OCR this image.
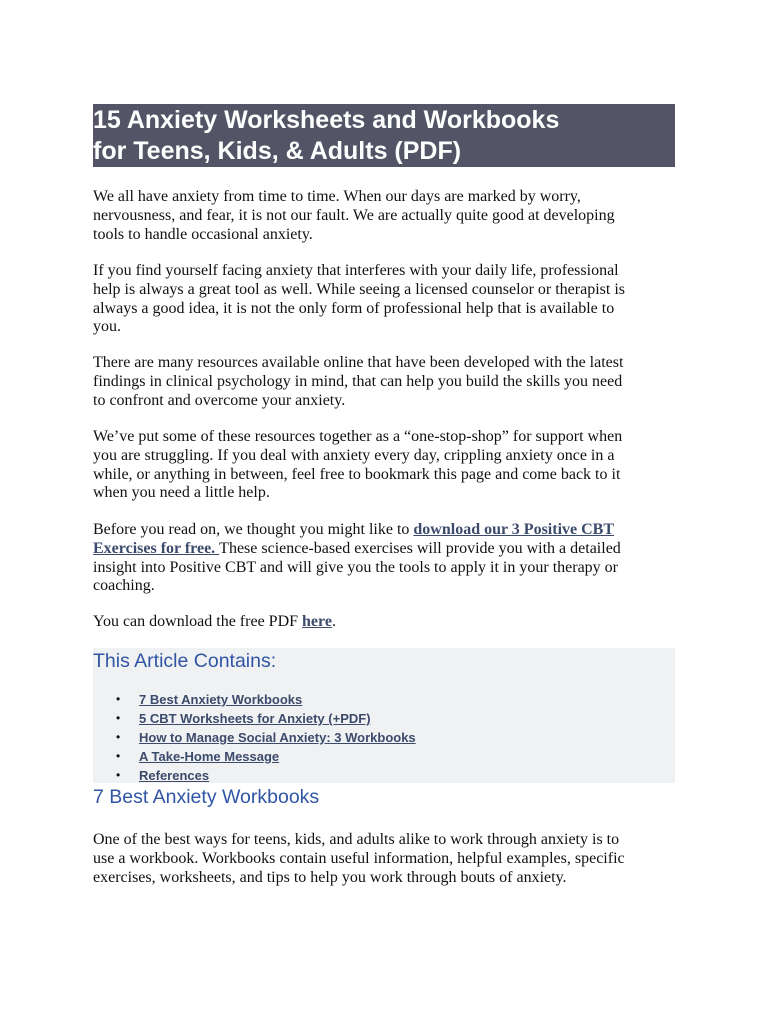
15 Anxiety Worksheets and Workbooks
for Teens, Kids, & Adults (PDF)

We all have anxiety from time to time. When our days are marked by worry,
nervousness, and fear, it is not our fault. We are actually quite good at developing
tools to handle occasional anxiety.

If you find yourself facing anxiety that interferes with your daily life, professional
help is always a great tool as well. While seeing a licensed counselor or therapist is
always a good idea, it is not the only form of professional help that is available to
you.

There are many resources available online that have been developed with the latest
findings in clinical psychology in mind, that can help you build the skills you need
to confront and overcome your anxiety.

We’ve put some of these resources together as a “one-stop-shop” for support when
you are struggling. If you deal with anxiety every day, crippling anxiety once in a
while, or anything in between, feel free to bookmark this page and come back to it
when you need a little help.

Before you read on, we thought you might like to download our 3 Positive CBT
Exercises for free. These science-based exercises will provide you with a detailed
insight into Positive CBT and will give you the tools to apply it in your therapy or
coaching.

You can download the free PDF here.

This Article Contains:
• 7 Best Anxiety Workbooks
• 5 CBT Worksheets for Anxiety (+PDF)
• How to Manage Social Anxiety: 3 Workbooks
• A Take-Home Message
• References
7 Best Anxiety Workbooks

One of the best ways for teens, kids, and adults alike to work through anxiety is to
use a workbook. Workbooks contain useful information, helpful examples, specific
exercises, worksheets, and tips to help you work through bouts of anxiety.
